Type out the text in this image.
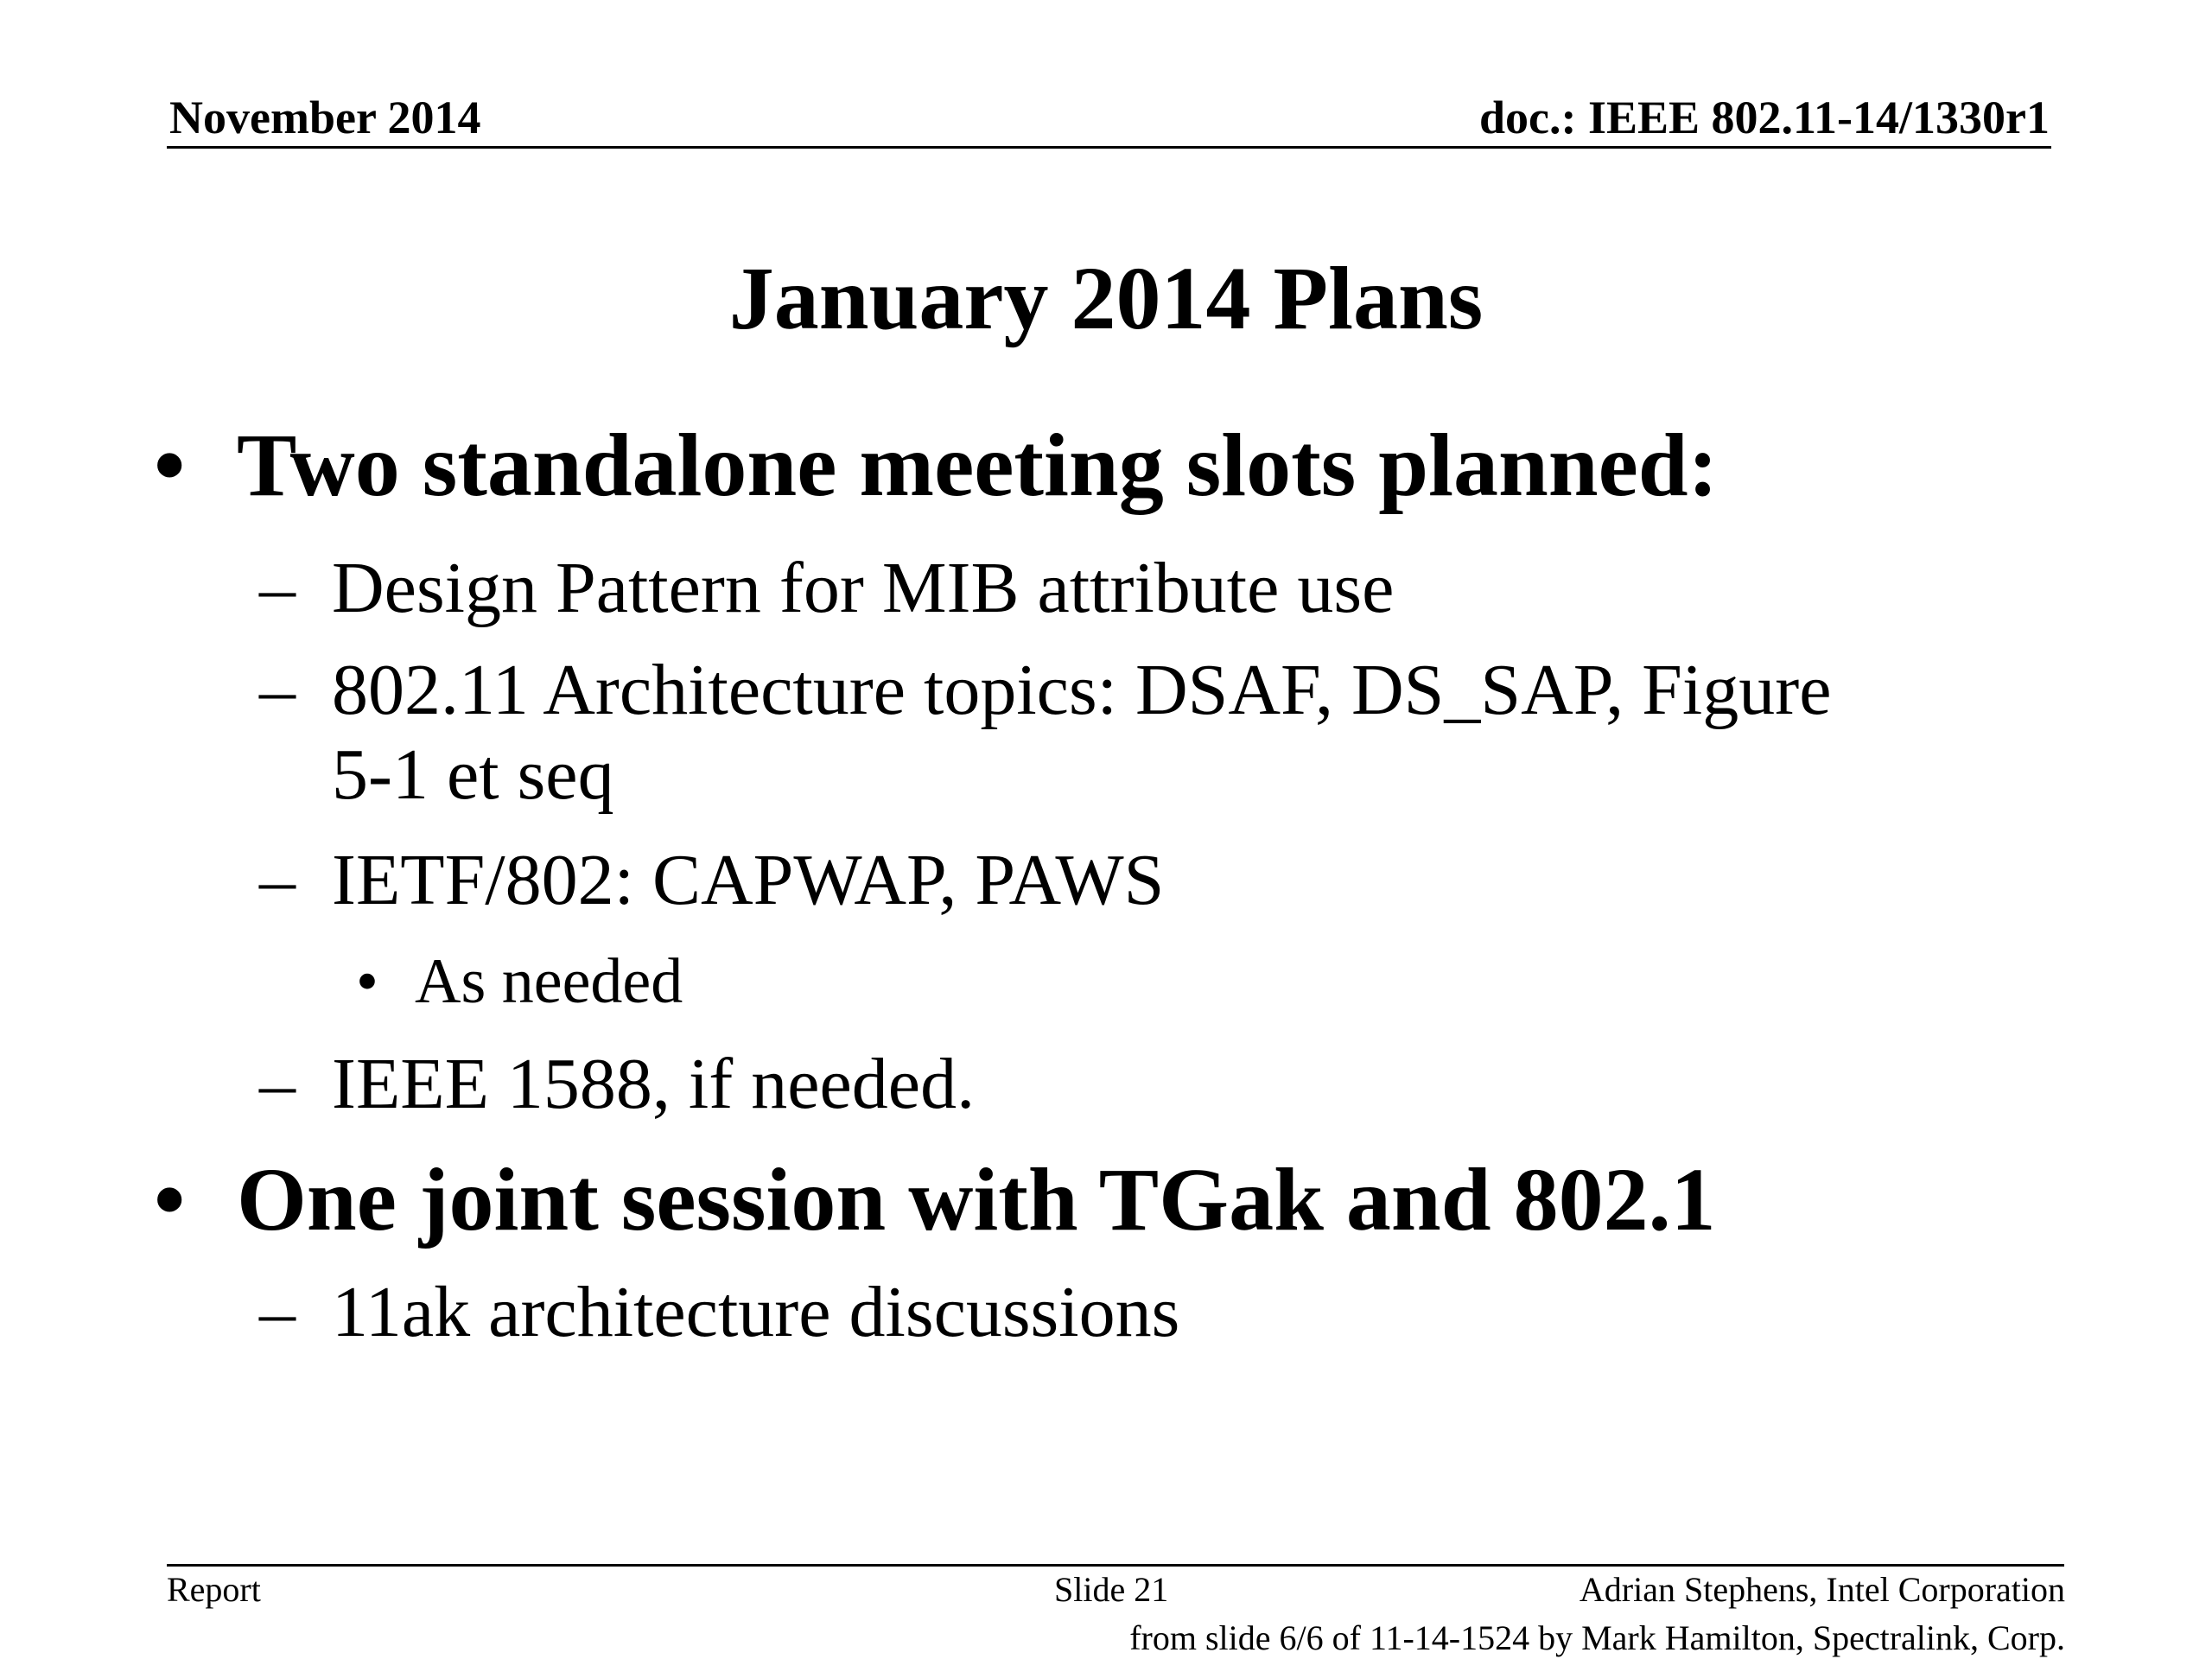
November 2014	doc.: IEEE 802.11-14/1330r1
January 2014 Plans
• Two standalone meeting slots planned:
– Design Pattern for MIB attribute use
– 802.11 Architecture topics: DSAF, DS_SAP, Figure
5-1 et seq
– IETF/802: CAPWAP, PAWS
• As needed
– IEEE 1588, if needed.
• One joint session with TGak and 802.1
– 11ak architecture discussions
Report	Slide 21	Adrian Stephens, Intel Corporation
from slide 6/6 of 11-14-1524 by Mark Hamilton, Spectralink, Corp.
